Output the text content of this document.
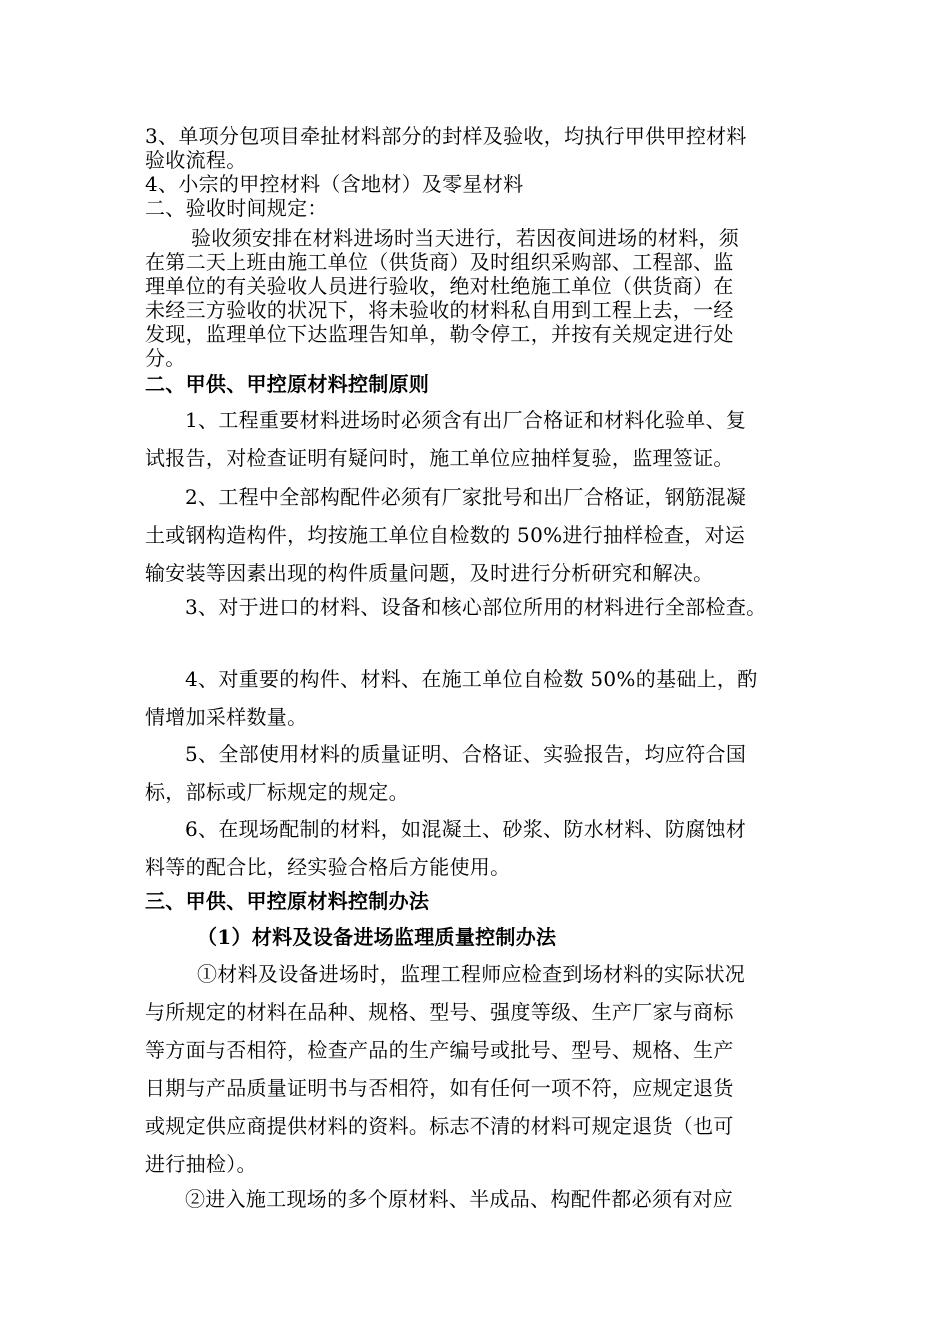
3、单项分包项目牵扯材料部分的封样及验收，均执行甲供甲控材料
验收流程。
4、小宗的甲控材料（含地材）及零星材料
二、验收时间规定：
验收须安排在材料进场时当天进行，若因夜间进场的材料，须
在第二天上班由施工单位（供货商）及时组织采购部、工程部、监
理单位的有关验收人员进行验收，绝对杜绝施工单位（供货商）在
未经三方验收的状况下，将未验收的材料私自用到工程上去，一经
发现，监理单位下达监理告知单，勒令停工，并按有关规定进行处
分。
二、甲供、甲控原材料控制原则
1、工程重要材料进场时必须含有出厂合格证和材料化验单、复
试报告，对检查证明有疑问时，施工单位应抽样复验，监理签证。
2、工程中全部构配件必须有厂家批号和出厂合格证，钢筋混凝
土或钢构造构件，均按施工单位自检数的 50%进行抽样检查，对运
输安装等因素出现的构件质量问题，及时进行分析研究和解决。
3、对于进口的材料、设备和核心部位所用的材料进行全部检查。
4、对重要的构件、材料、在施工单位自检数 50%的基础上，酌
情增加采样数量。
5、全部使用材料的质量证明、合格证、实验报告，均应符合国
标，部标或厂标规定的规定。
6、在现场配制的材料，如混凝土、砂浆、防水材料、防腐蚀材
料等的配合比，经实验合格后方能使用。
三、甲供、甲控原材料控制办法
（1）材料及设备进场监理质量控制办法
①材料及设备进场时，监理工程师应检查到场材料的实际状况
与所规定的材料在品种、规格、型号、强度等级、生产厂家与商标
等方面与否相符，检查产品的生产编号或批号、型号、规格、生产
日期与产品质量证明书与否相符，如有任何一项不符，应规定退货
或规定供应商提供材料的资料。标志不清的材料可规定退货（也可
进行抽检）。
②进入施工现场的多个原材料、半成品、构配件都必须有对应
